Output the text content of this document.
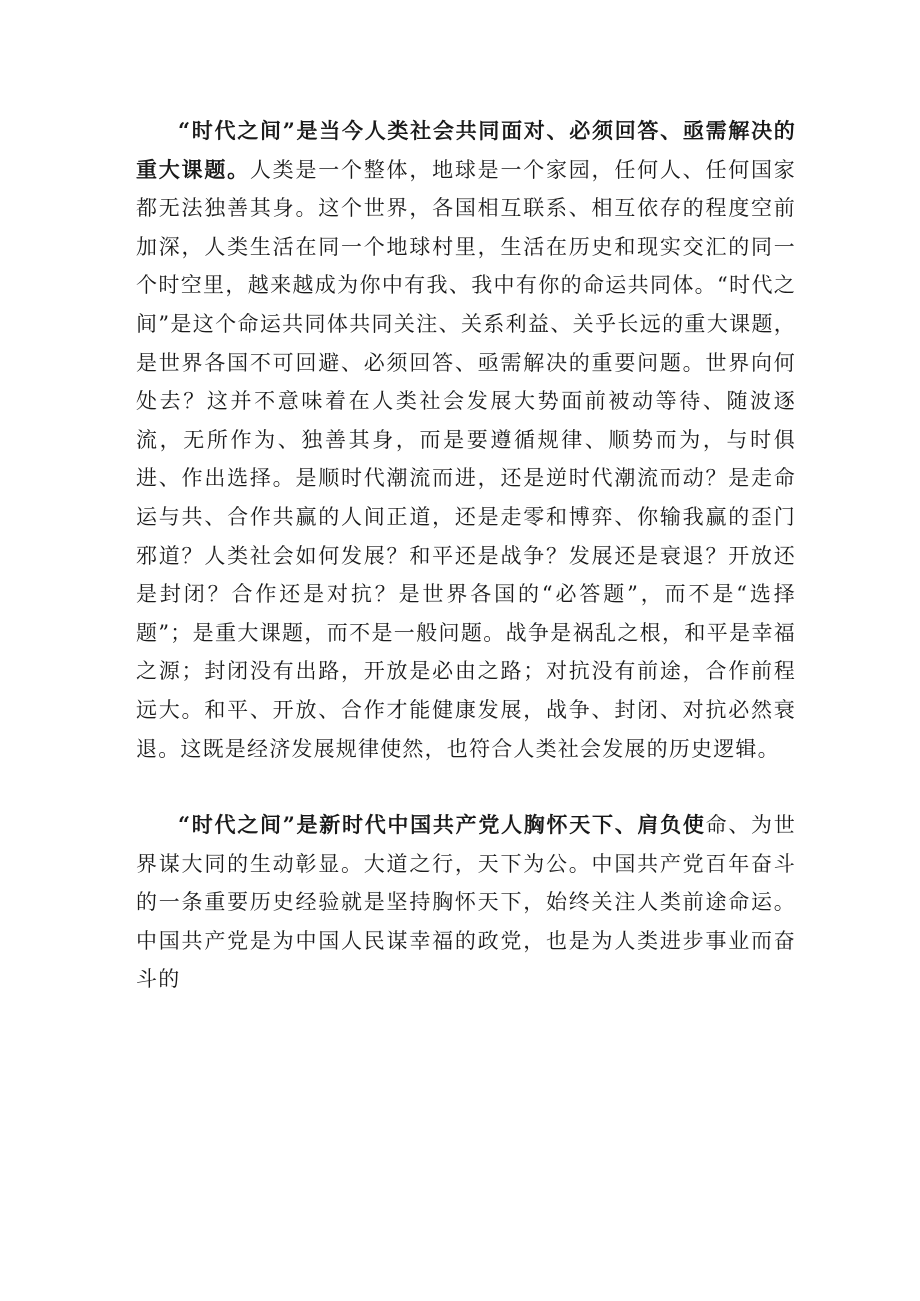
“时代之间”是当今人类社会共同面对、必须回答、亟需解决的重大课题。人类是一个整体，地球是一个家园，任何人、任何国家都无法独善其身。这个世界，各国相互联系、相互依存的程度空前加深，人类生活在同一个地球村里，生活在历史和现实交汇的同一个时空里，越来越成为你中有我、我中有你的命运共同体。“时代之间”是这个命运共同体共同关注、关系利益、关乎长远的重大课题，是世界各国不可回避、必须回答、亟需解决的重要问题。世界向何处去？这并不意味着在人类社会发展大势面前被动等待、随波逐流，无所作为、独善其身，而是要遵循规律、顺势而为，与时俱进、作出选择。是顺时代潮流而进，还是逆时代潮流而动？是走命运与共、合作共赢的人间正道，还是走零和博弈、你输我赢的歪门邪道？人类社会如何发展？和平还是战争？发展还是衰退？开放还是封闭？合作还是对抗？是世界各国的“必答题”，而不是“选择题”；是重大课题，而不是一般问题。战争是祸乱之根，和平是幸福之源；封闭没有出路，开放是必由之路；对抗没有前途，合作前程远大。和平、开放、合作才能健康发展，战争、封闭、对抗必然衰退。这既是经济发展规律使然，也符合人类社会发展的历史逻辑。

“时代之间”是新时代中国共产党人胸怀天下、肩负使命、为世界谋大同的生动彰显。大道之行，天下为公。中国共产党百年奋斗的一条重要历史经验就是坚持胸怀天下，始终关注人类前途命运。中国共产党是为中国人民谋幸福的政党，也是为人类进步事业而奋斗的
